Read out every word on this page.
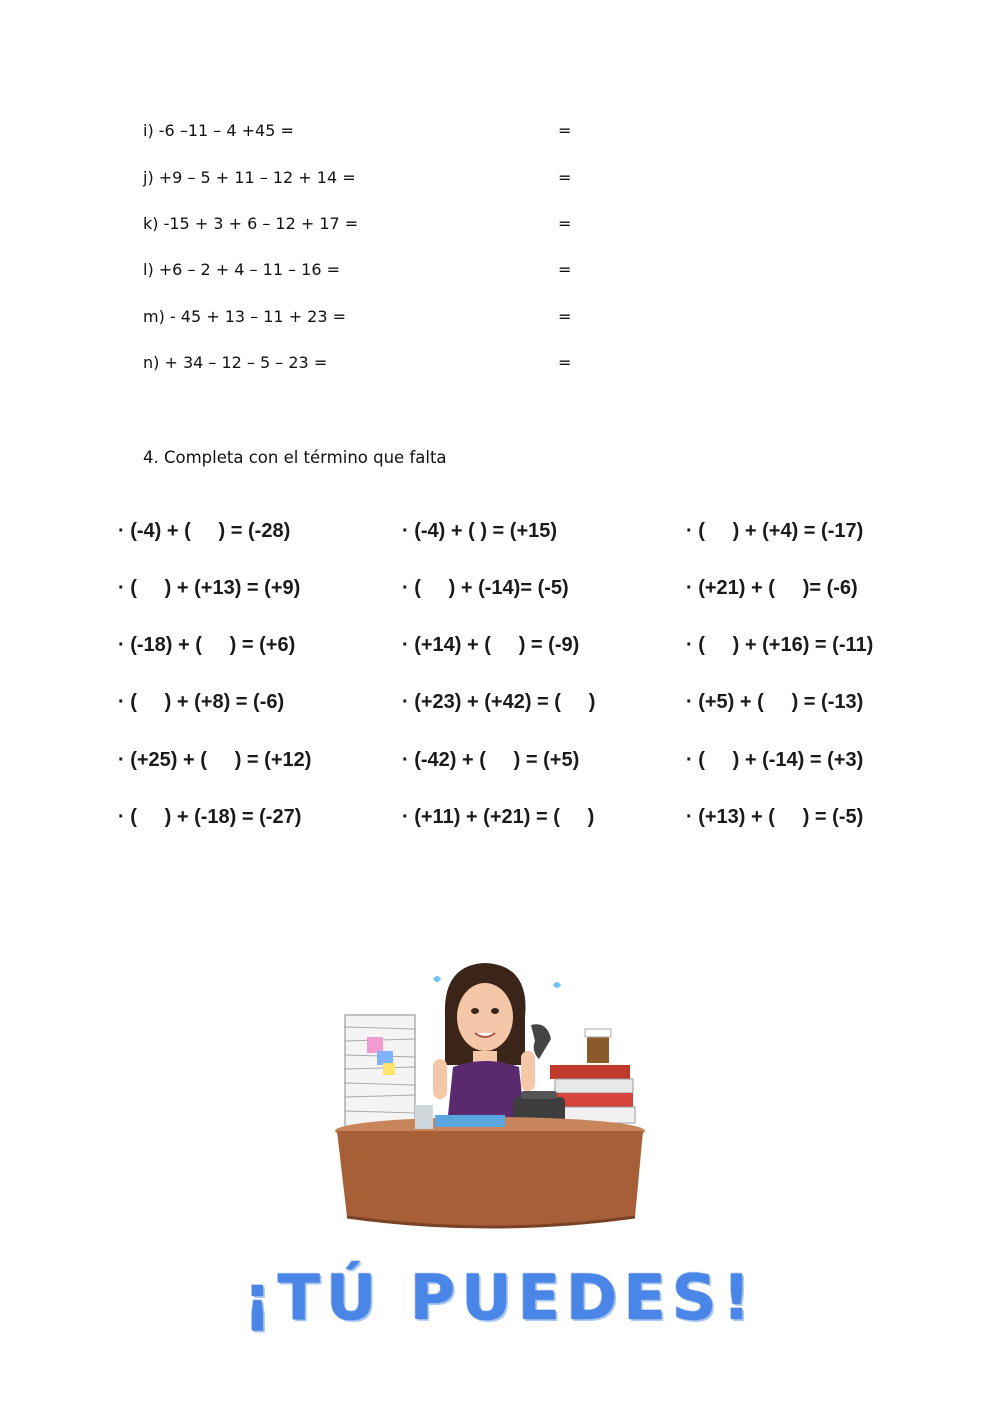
i) -6 –11 – 4 +45 =	=
j) +9 – 5 + 11 – 12 + 14 =	=
k) -15 + 3 + 6 – 12 + 17 =	=
l) +6 – 2 + 4 – 11 – 16 =	=
m) - 45 + 13 – 11 + 23 =	=
n) + 34 – 12 – 5 – 23 =	=
4. Completa con el término que falta
· (-4) + (     ) = (-28)	· (-4) + ( ) = (+15)	· (     ) + (+4) = (-17)
· (     ) + (+13) = (+9)	· (     ) + (-14)= (-5)	· (+21) + (     )= (-6)
· (-18) + (     ) = (+6)	· (+14) + (     ) = (-9)	· (     ) + (+16) = (-11)
· (     ) + (+8) = (-6)	· (+23) + (+42) = (     )	· (+5) + (     ) = (-13)
· (+25) + (     ) = (+12)	· (-42) + (     ) = (+5)	· (     ) + (-14) = (+3)
· (     ) + (-18) = (-27)	· (+11) + (+21) = (     )	· (+13) + (     ) = (-5)
¡TÚ PUEDES!
